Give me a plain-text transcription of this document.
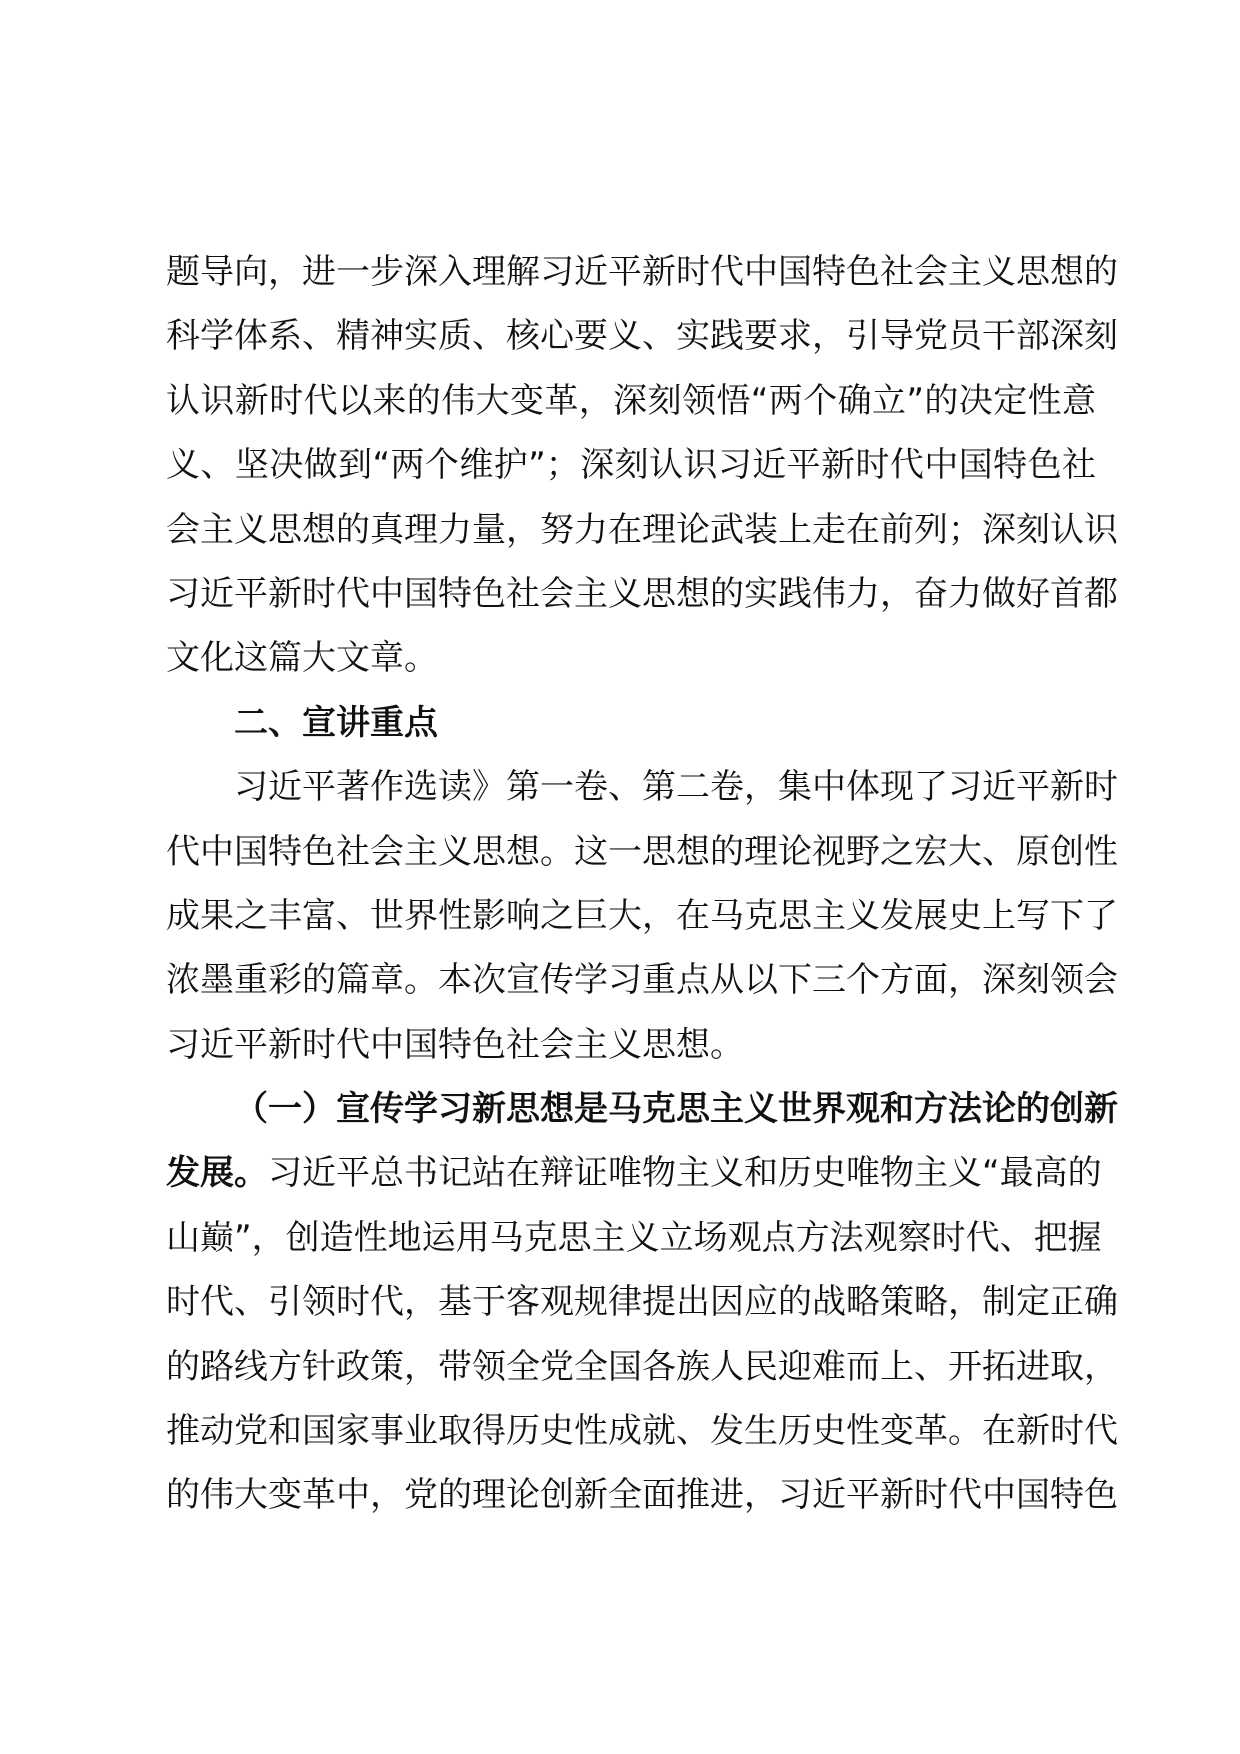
题导向，进一步深入理解习近平新时代中国特色社会主义思想的
科学体系、精神实质、核心要义、实践要求，引导党员干部深刻
认识新时代以来的伟大变革，深刻领悟“两个确立”的决定性意
义、坚决做到“两个维护”；深刻认识习近平新时代中国特色社
会主义思想的真理力量，努力在理论武装上走在前列；深刻认识
习近平新时代中国特色社会主义思想的实践伟力，奋力做好首都
文化这篇大文章。
二、宣讲重点
习近平著作选读》第一卷、第二卷，集中体现了习近平新时
代中国特色社会主义思想。这一思想的理论视野之宏大、原创性
成果之丰富、世界性影响之巨大，在马克思主义发展史上写下了
浓墨重彩的篇章。本次宣传学习重点从以下三个方面，深刻领会
习近平新时代中国特色社会主义思想。
（一）宣传学习新思想是马克思主义世界观和方法论的创新
发展。习近平总书记站在辩证唯物主义和历史唯物主义“最高的
山巅”，创造性地运用马克思主义立场观点方法观察时代、把握
时代、引领时代，基于客观规律提出因应的战略策略，制定正确
的路线方针政策，带领全党全国各族人民迎难而上、开拓进取，
推动党和国家事业取得历史性成就、发生历史性变革。在新时代
的伟大变革中，党的理论创新全面推进，习近平新时代中国特色
